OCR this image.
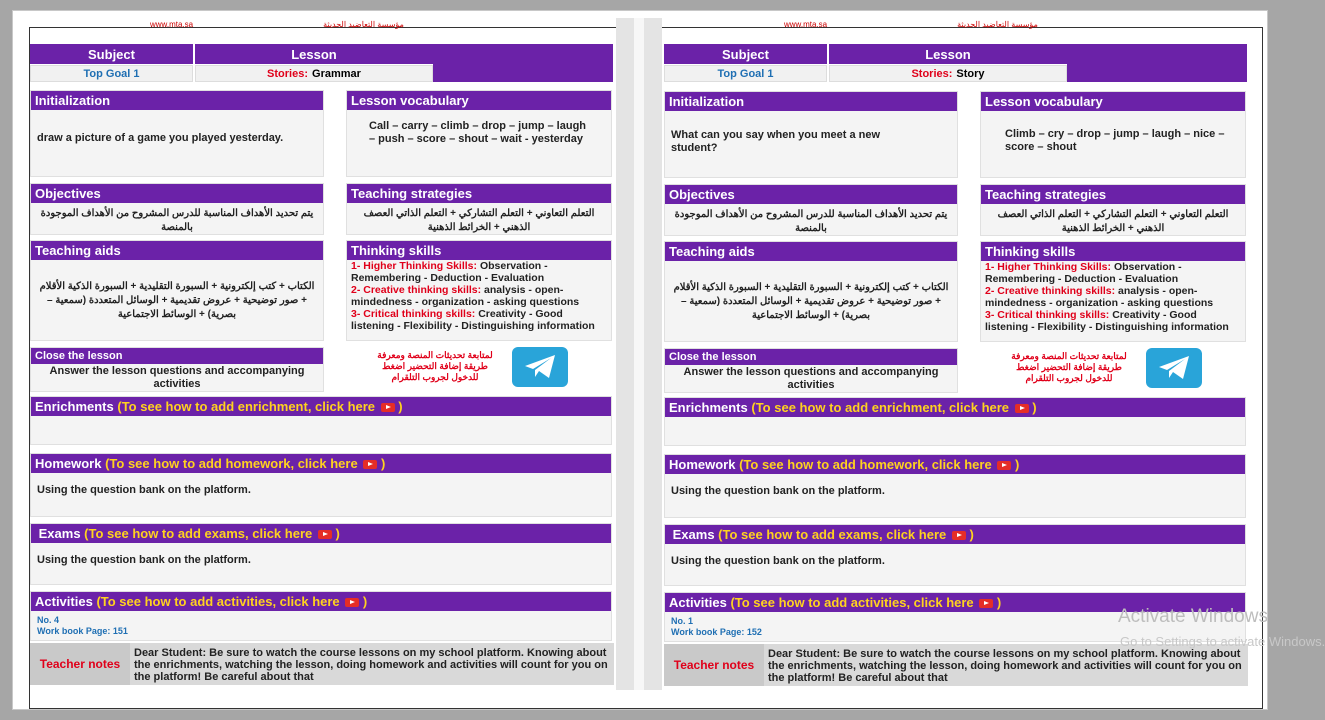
www.mta.sa	مؤسسة التعاضيد الحديثة
Subject	Lesson
Top Goal 1	Stories: Grammar
Initialization
draw a picture of a game you played yesterday.
Lesson vocabulary
Call – carry – climb – drop – jump – laugh – push – score – shout – wait - yesterday
Objectives
يتم تحديد الأهداف المناسبة للدرس المشروح من الأهداف الموجودة بالمنصة
Teaching strategies
التعلم التعاوني + التعلم التشاركي + التعلم الذاتي العصف الذهني + الخرائط الذهنية
Teaching aids
الكتاب + كتب إلكترونية + السبورة التقليدية + السبورة الذكية الأقلام + صور توضيحية + عروض تقديمية + الوسائل المتعددة (سمعية – بصرية) + الوسائط الاجتماعية
Thinking skills
1- Higher Thinking Skills: Observation - Remembering - Deduction - Evaluation
2- Creative thinking skills: analysis - open-mindedness - organization - asking questions
3- Critical thinking skills: Creativity - Good listening - Flexibility - Distinguishing information
Close the lesson
Answer the lesson questions and accompanying activities
لمتابعة تحديثات المنصة ومعرفة طريقة إضافة التحضير اضغط للدخول لجروب التلقرام
Enrichments (To see how to add enrichment, click here )
Homework (To see how to add homework, click here )
Using the question bank on the platform.
Exams (To see how to add exams, click here )
Using the question bank on the platform.
Activities (To see how to add activities, click here )
No. 4
Work book Page: 151
Teacher notes
Dear Student: Be sure to watch the course lessons on my school platform. Knowing about the enrichments, watching the lesson, doing homework and activities will count for you on the platform! Be careful about that
www.mta.sa	مؤسسة التعاضيد الحديثة
Subject	Lesson
Top Goal 1	Stories: Story
Initialization
What can you say when you meet a new student?
Lesson vocabulary
Climb – cry – drop – jump – laugh – nice – score – shout
Objectives
يتم تحديد الأهداف المناسبة للدرس المشروح من الأهداف الموجودة بالمنصة
Teaching strategies
التعلم التعاوني + التعلم التشاركي + التعلم الذاتي العصف الذهني + الخرائط الذهنية
Teaching aids
الكتاب + كتب إلكترونية + السبورة التقليدية + السبورة الذكية الأقلام + صور توضيحية + عروض تقديمية + الوسائل المتعددة (سمعية – بصرية) + الوسائط الاجتماعية
Thinking skills
1- Higher Thinking Skills: Observation - Remembering - Deduction - Evaluation
2- Creative thinking skills: analysis - open-mindedness - organization - asking questions
3- Critical thinking skills: Creativity - Good listening - Flexibility - Distinguishing information
Close the lesson
Answer the lesson questions and accompanying activities
لمتابعة تحديثات المنصة ومعرفة طريقة إضافة التحضير اضغط للدخول لجروب التلقرام
Enrichments (To see how to add enrichment, click here )
Homework (To see how to add homework, click here )
Using the question bank on the platform.
Exams (To see how to add exams, click here )
Using the question bank on the platform.
Activities (To see how to add activities, click here )
No. 1
Work book Page: 152
Teacher notes
Dear Student: Be sure to watch the course lessons on my school platform. Knowing about the enrichments, watching the lesson, doing homework and activities will count for you on the platform! Be careful about that
Activate Windows
Go to Settings to activate Windows.
